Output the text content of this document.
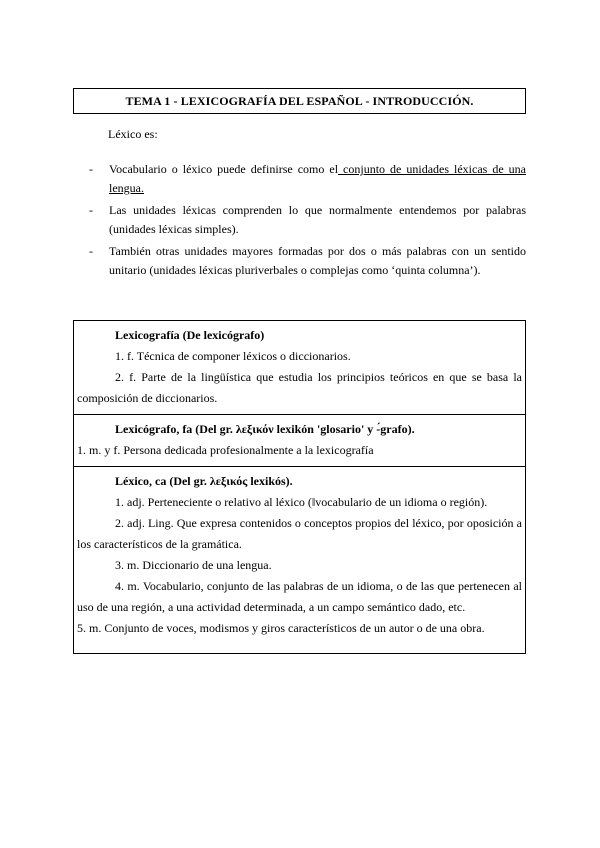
TEMA 1 - LEXICOGRAFÍA DEL ESPAÑOL - INTRODUCCIÓN.
Léxico es:
-	Vocabulario o léxico puede definirse como el conjunto de unidades léxicas de una lengua.
-	Las unidades léxicas comprenden lo que normalmente entendemos por palabras (unidades léxicas simples).
-	También otras unidades mayores formadas por dos o más palabras con un sentido unitario (unidades léxicas pluriverbales o complejas como ‘quinta columna’).
Lexicografía (De lexicógrafo)

1. f. Técnica de componer léxicos o diccionarios.

2. f. Parte de la lingüística que estudia los principios teóricos en que se basa la composición de diccionarios.

Lexicógrafo, fa (Del gr. λεξικόν lexikón 'glosario' y -́grafo).

1. m. y f. Persona dedicada profesionalmente a la lexicografía

Léxico, ca (Del gr. λεξικός lexikós).

1. adj. Perteneciente o relativo al léxico (‖vocabulario de un idioma o región).

2. adj. Ling. Que expresa contenidos o conceptos propios del léxico, por oposición a los característicos de la gramática.

3. m. Diccionario de una lengua.

4. m. Vocabulario, conjunto de las palabras de un idioma, o de las que pertenecen al uso de una región, a una actividad determinada, a un campo semántico dado, etc.

5. m. Conjunto de voces, modismos y giros característicos de un autor o de una obra.
